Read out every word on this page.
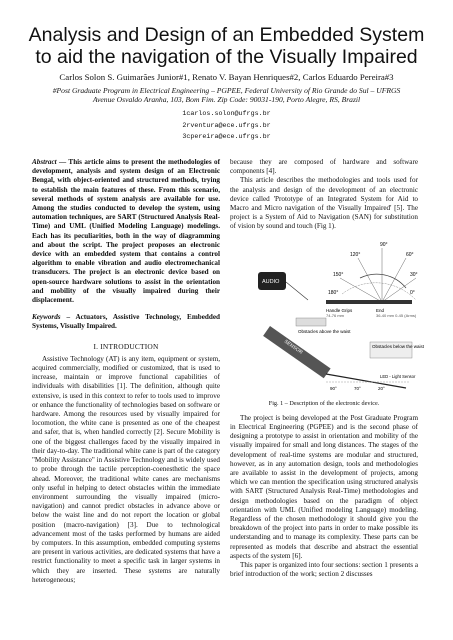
Analysis and Design of an Embedded System to aid the navigation of the Visually Impaired
Carlos Solon S. Guimarães Junior#1, Renato V. Bayan Henriques#2, Carlos Eduardo Pereira#3
#Post Graduate Program in Electrical Engineering – PGPEE, Federal University of Rio Grande do Sul – UFRGS
Avenue Osvaldo Aranha, 103, Bom Fim. Zip Code: 90031-190, Porto Alegre, RS, Brazil
1carlos.solon@ufrgs.br
2rventura@ece.ufrgs.br
3cpereira@ece.ufrgs.br

Abstract — This article aims to present the methodologies of development, analysis and system design of an Electronic Bengal, with object-oriented and structured methods, trying to establish the main features of these. From this scenario, several methods of system analysis are available for use. Among the studies conducted to develop the system, using automation techniques, are SART (Structured Analysis Real-Time) and UML (Unified Modeling Language) modelings. Each has its peculiarities, both in the way of diagramming and about the script. The project proposes an electronic device with an embedded system that contains a control algorithm to enable vibration and audio electromechanical transducers. The project is an electronic device based on open-source hardware solutions to assist in the orientation and mobility of the visually impaired during their displacement.

Keywords – Actuators, Assistive Technology, Embedded Systems, Visually Impaired.

I. INTRODUCTION

Assistive Technology (AT) is any item, equipment or system, acquired commercially, modified or customized, that is used to increase, maintain or improve functional capabilities of individuals with disabilities [1]. The definition, although quite extensive, is used in this context to refer to tools used to improve or enhance the functionality of technologies based on software or hardware. Among the resources used by visually impaired for locomotion, the white cane is presented as one of the cheapest and safer, that is, when handled correctly [2]. Secure Mobility is one of the biggest challenges faced by the visually impaired in their day-to-day. The traditional white cane is part of the category "Mobility Assistance" in Assistive Technology and is widely used to probe through the tactile perception-coenesthetic the space ahead. Moreover, the traditional white canes are mechanisms only useful in helping to detect obstacles within the immediate environment surrounding the visually impaired (micro-navigation) and cannot predict obstacles in advance above or below the waist line and do not report the location or global position (macro-navigation) [3]. Due to technological advancement most of the tasks performed by humans are aided by computers. In this assumption, embedded computing systems are present in various activities, are dedicated systems that have a restrict functionality to meet a specific task in larger systems in which they are inserted. These systems are naturally heterogeneous;

because they are composed of hardware and software components [4].

This article describes the methodologies and tools used for the analysis and design of the development of an electronic device called 'Prototype of an Integrated System for Aid to Macro and Micro navigation of the Visually Impaired' [5]. The project is a System of Aid to Navigation (SAN) for substitution of vision by sound and touch (Fig 1).

90°
120°	60°
150°	30°
180°	0°
Handle Grips
74-76 mm
End
36-40 mm 0-45 (Arms)
AUDIO
Obstacles above the waist
SENSOR	Obstacles below the waist
90°	70°	20°
LED - Light Sensor
Fig. 1 – Description of the electronic device.

The project is being developed at the Post Graduate Program in Electrical Engineering (PGPEE) and is the second phase of designing a prototype to assist in orientation and mobility of the visually impaired for small and long distances. The stages of the development of real-time systems are modular and structured, however, as in any automation design, tools and methodologies are available to assist in the development of projects, among which we can mention the specification using structured analysis with SART (Structured Analysis Real-Time) methodologies and design methodologies based on the paradigm of object orientation with UML (Unified modeling Language) modeling. Regardless of the chosen methodology it should give you the breakdown of the project into parts in order to make possible its understanding and to manage its complexity. These parts can be represented as models that describe and abstract the essential aspects of the system [6].

This paper is organized into four sections: section 1 presents a brief introduction of the work; section 2 discusses
